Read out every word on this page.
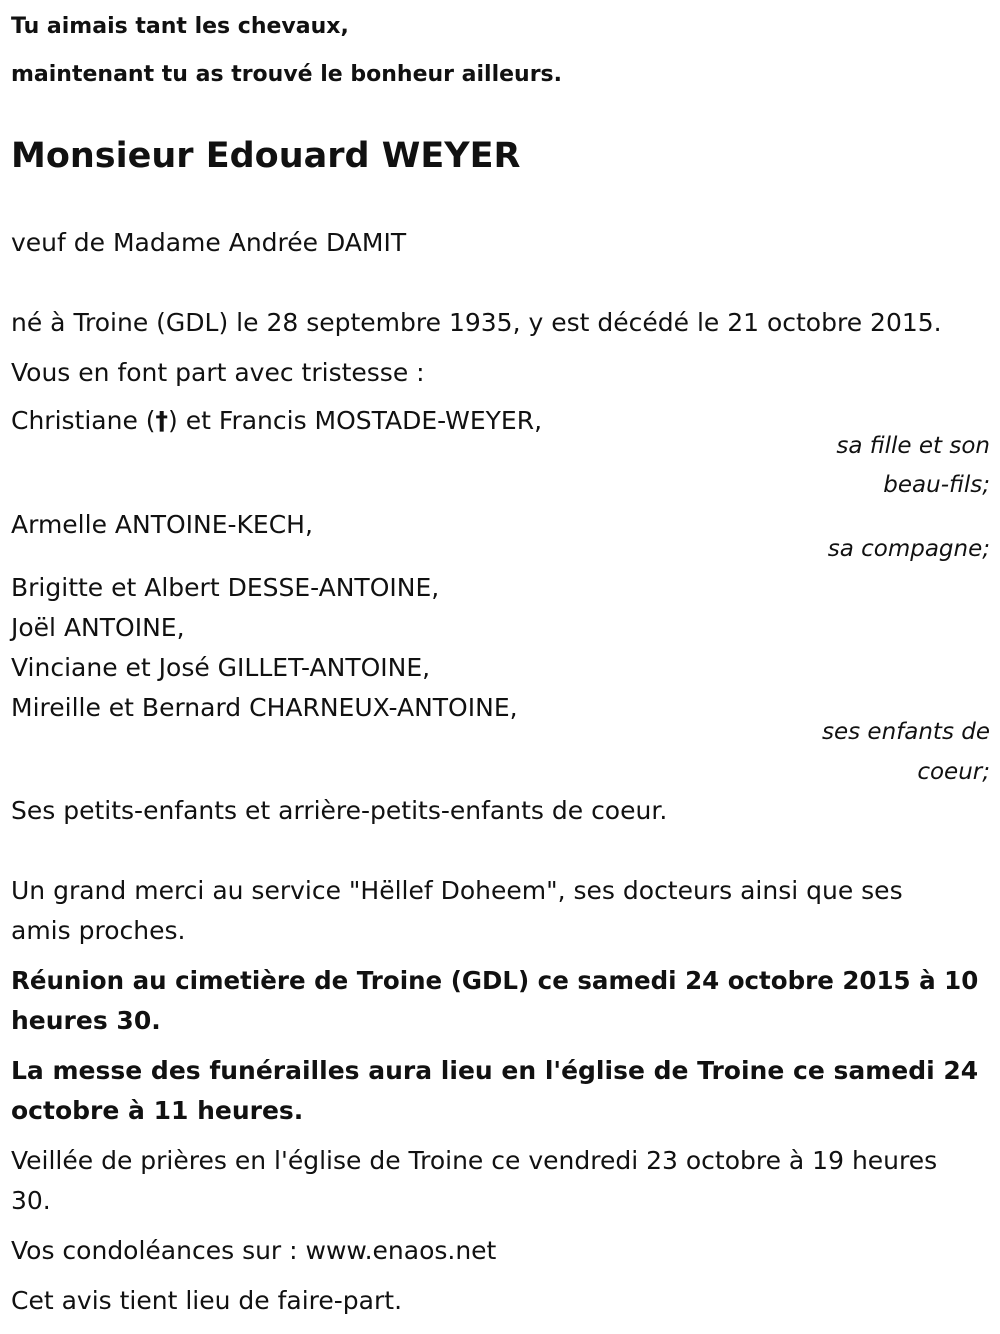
Tu aimais tant les chevaux,

maintenant tu as trouvé le bonheur ailleurs.

Monsieur Edouard WEYER

veuf de Madame Andrée DAMIT

né à Troine (GDL) le 28 septembre 1935, y est décédé le 21 octobre 2015.

Vous en font part avec tristesse :

Christiane (†) et Francis MOSTADE-WEYER,

sa fille et son
beau-fils;

Armelle ANTOINE-KECH,

sa compagne;

Brigitte et Albert DESSE-ANTOINE,

Joël ANTOINE,

Vinciane et José GILLET-ANTOINE,

Mireille et Bernard CHARNEUX-ANTOINE,

ses enfants de
coeur;

Ses petits-enfants et arrière-petits-enfants de coeur.

Un grand merci au service "Hëllef Doheem", ses docteurs ainsi que ses

amis proches.

Réunion au cimetière de Troine (GDL) ce samedi 24 octobre 2015 à 10

heures 30.

La messe des funérailles aura lieu en l'église de Troine ce samedi 24

octobre à 11 heures.

Veillée de prières en l'église de Troine ce vendredi 23 octobre à 19 heures

30.

Vos condoléances sur : www.enaos.net

Cet avis tient lieu de faire-part.
